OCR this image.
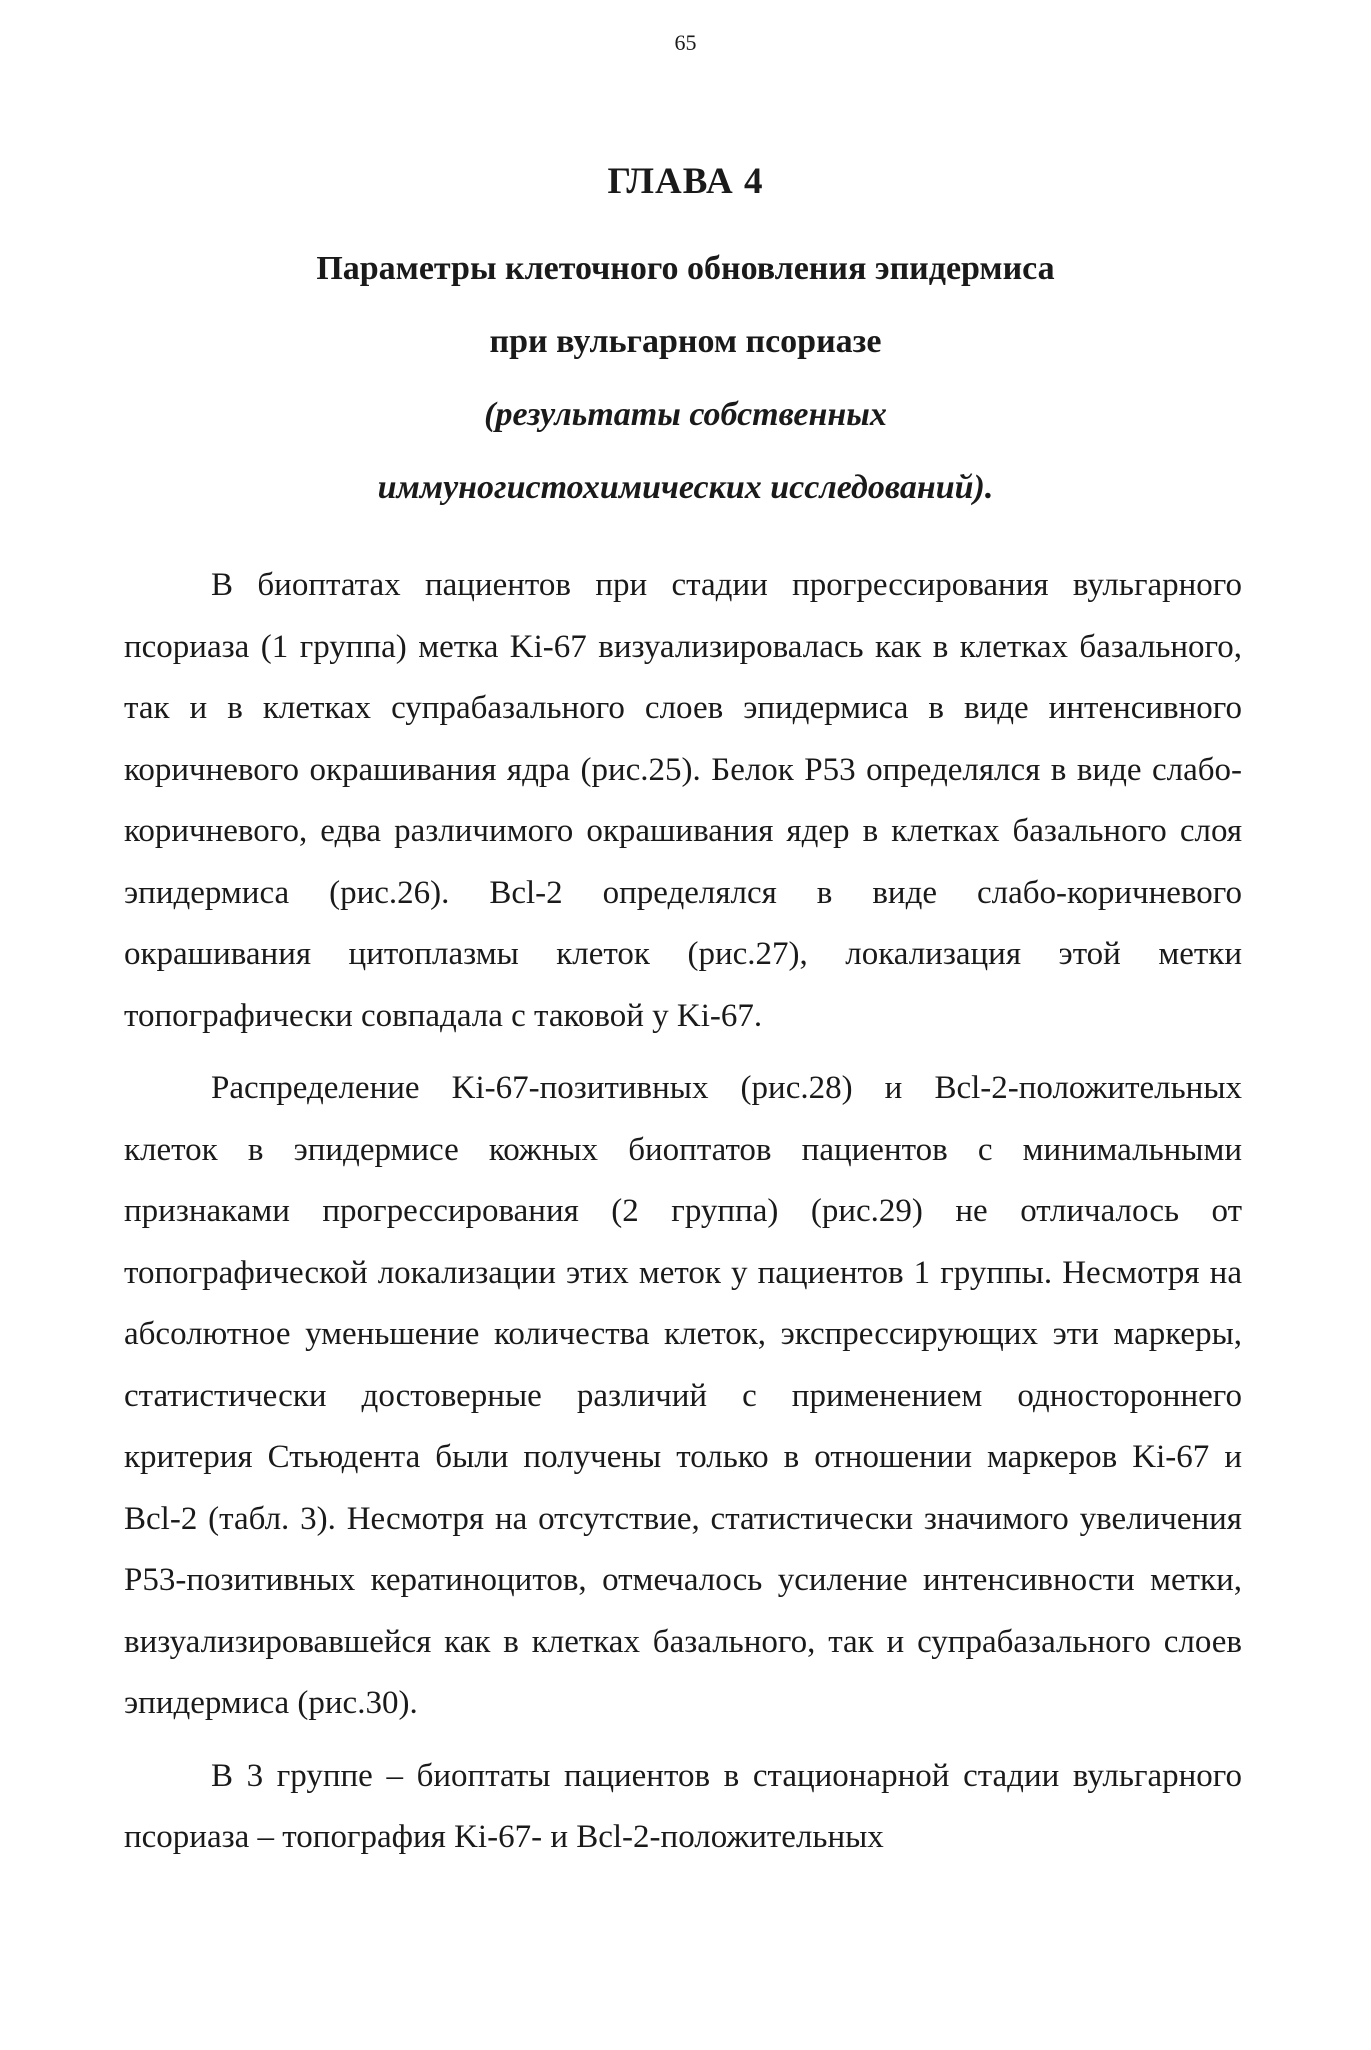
65
ГЛАВА 4
Параметры клеточного обновления эпидермиса
при вульгарном псориазе
(результаты собственных
иммуногистохимических исследований).

В биоптатах пациентов при стадии прогрессирования вульгарного псориаза (1 группа) метка Ki-67 визуализировалась как в клетках базального, так и в клетках супрабазального слоев эпидермиса в виде интенсивного коричневого окрашивания ядра (рис.25). Белок P53 определялся в виде слабо-коричневого, едва различимого окрашивания ядер в клетках базального слоя эпидермиса (рис.26). Bcl-2 определялся в виде слабо-коричневого окрашивания цитоплазмы клеток (рис.27), локализация этой метки топографически совпадала с таковой у Ki-67.

Распределение Ki-67-позитивных (рис.28) и Bcl-2-положительных клеток в эпидермисе кожных биоптатов пациентов с минимальными признаками прогрессирования (2 группа) (рис.29) не отличалось от топографической локализации этих меток у пациентов 1 группы. Несмотря на абсолютное уменьшение количества клеток, экспрессирующих эти маркеры, статистически достоверные различий с применением одностороннего критерия Стьюдента были получены только в отношении маркеров Ki-67 и Bcl-2 (табл. 3). Несмотря на отсутствие, статистически значимого увеличения P53-позитивных кератиноцитов, отмечалось усиление интенсивности метки, визуализировавшейся как в клетках базального, так и супрабазального слоев эпидермиса (рис.30).

В 3 группе – биоптаты пациентов в стационарной стадии вульгарного псориаза – топография Ki-67- и Bcl-2-положительных
